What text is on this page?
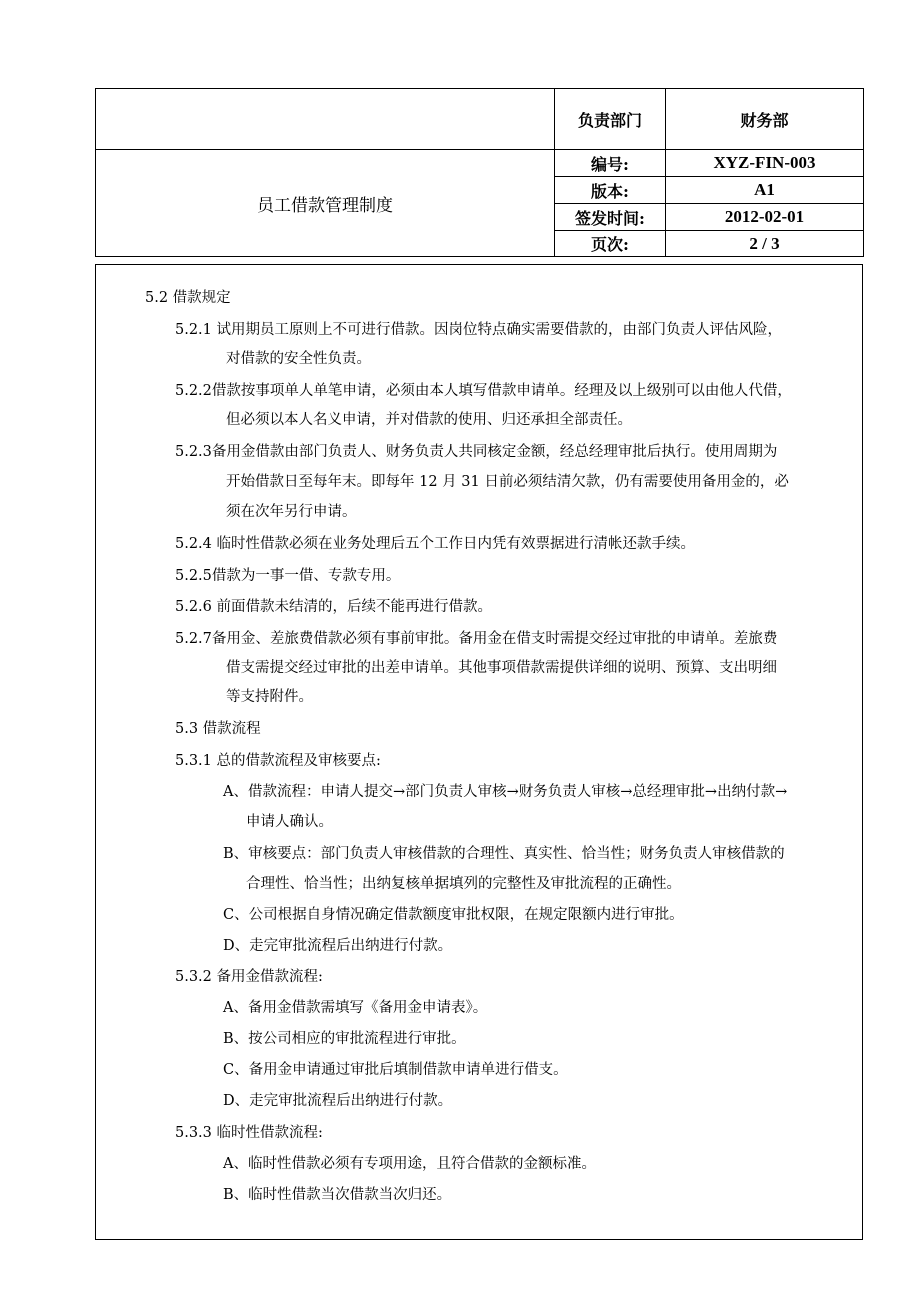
	负责部门	财务部
员工借款管理制度	编号:	XYZ-FIN-003
	版本:	A1
	签发时间:	2012-02-01
	页次:	2 / 3
5.2 借款规定
5.2.1 试用期员工原则上不可进行借款。因岗位特点确实需要借款的，由部门负责人评估风险，
对借款的安全性负责。
5.2.2借款按事项单人单笔申请，必须由本人填写借款申请单。经理及以上级别可以由他人代借，
但必须以本人名义申请，并对借款的使用、归还承担全部责任。
5.2.3备用金借款由部门负责人、财务负责人共同核定金额，经总经理审批后执行。使用周期为
开始借款日至每年末。即每年 12 月 31 日前必须结清欠款，仍有需要使用备用金的，必
须在次年另行申请。
5.2.4 临时性借款必须在业务处理后五个工作日内凭有效票据进行清帐还款手续。
5.2.5借款为一事一借、专款专用。
5.2.6 前面借款未结清的，后续不能再进行借款。
5.2.7备用金、差旅费借款必须有事前审批。备用金在借支时需提交经过审批的申请单。差旅费
借支需提交经过审批的出差申请单。其他事项借款需提供详细的说明、预算、支出明细
等支持附件。
5.3 借款流程
5.3.1 总的借款流程及审核要点:
A、借款流程：申请人提交→部门负责人审核→财务负责人审核→总经理审批→出纳付款→
申请人确认。
B、审核要点：部门负责人审核借款的合理性、真实性、恰当性；财务负责人审核借款的
合理性、恰当性；出纳复核单据填列的完整性及审批流程的正确性。
C、公司根据自身情况确定借款额度审批权限，在规定限额内进行审批。
D、走完审批流程后出纳进行付款。
5.3.2 备用金借款流程:
A、备用金借款需填写《备用金申请表》。
B、按公司相应的审批流程进行审批。
C、备用金申请通过审批后填制借款申请单进行借支。
D、走完审批流程后出纳进行付款。
5.3.3 临时性借款流程:
A、临时性借款必须有专项用途，且符合借款的金额标准。
B、临时性借款当次借款当次归还。
